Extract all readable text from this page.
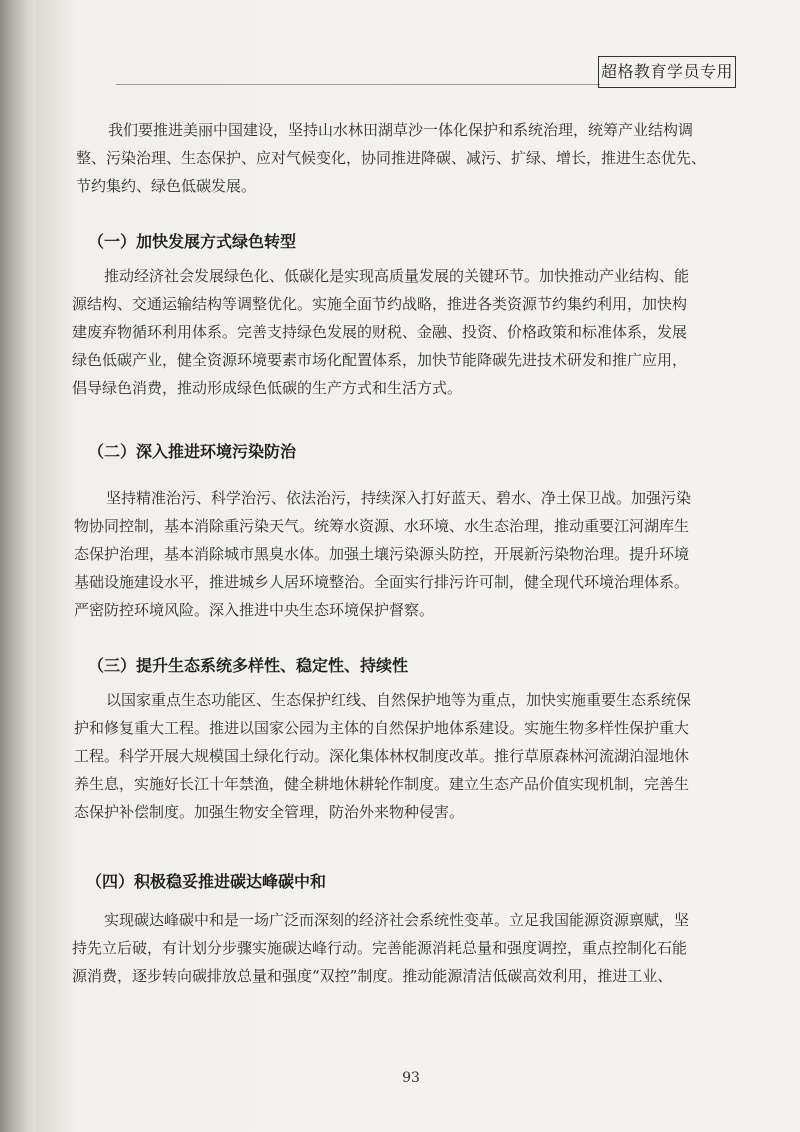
超格教育学员专用
我们要推进美丽中国建设，坚持山水林田湖草沙一体化保护和系统治理，统筹产业结构调
整、污染治理、生态保护、应对气候变化，协同推进降碳、减污、扩绿、增长，推进生态优先、
节约集约、绿色低碳发展。
（一）加快发展方式绿色转型
推动经济社会发展绿色化、低碳化是实现高质量发展的关键环节。加快推动产业结构、能
源结构、交通运输结构等调整优化。实施全面节约战略，推进各类资源节约集约利用，加快构
建废弃物循环利用体系。完善支持绿色发展的财税、金融、投资、价格政策和标准体系，发展
绿色低碳产业，健全资源环境要素市场化配置体系，加快节能降碳先进技术研发和推广应用，
倡导绿色消费，推动形成绿色低碳的生产方式和生活方式。
（二）深入推进环境污染防治
坚持精准治污、科学治污、依法治污，持续深入打好蓝天、碧水、净土保卫战。加强污染
物协同控制，基本消除重污染天气。统筹水资源、水环境、水生态治理，推动重要江河湖库生
态保护治理，基本消除城市黑臭水体。加强土壤污染源头防控，开展新污染物治理。提升环境
基础设施建设水平，推进城乡人居环境整治。全面实行排污许可制，健全现代环境治理体系。
严密防控环境风险。深入推进中央生态环境保护督察。
（三）提升生态系统多样性、稳定性、持续性
以国家重点生态功能区、生态保护红线、自然保护地等为重点，加快实施重要生态系统保
护和修复重大工程。推进以国家公园为主体的自然保护地体系建设。实施生物多样性保护重大
工程。科学开展大规模国土绿化行动。深化集体林权制度改革。推行草原森林河流湖泊湿地休
养生息，实施好长江十年禁渔，健全耕地休耕轮作制度。建立生态产品价值实现机制，完善生
态保护补偿制度。加强生物安全管理，防治外来物种侵害。
（四）积极稳妥推进碳达峰碳中和
实现碳达峰碳中和是一场广泛而深刻的经济社会系统性变革。立足我国能源资源禀赋，坚
持先立后破，有计划分步骤实施碳达峰行动。完善能源消耗总量和强度调控，重点控制化石能
源消费，逐步转向碳排放总量和强度“双控”制度。推动能源清洁低碳高效利用，推进工业、
93
